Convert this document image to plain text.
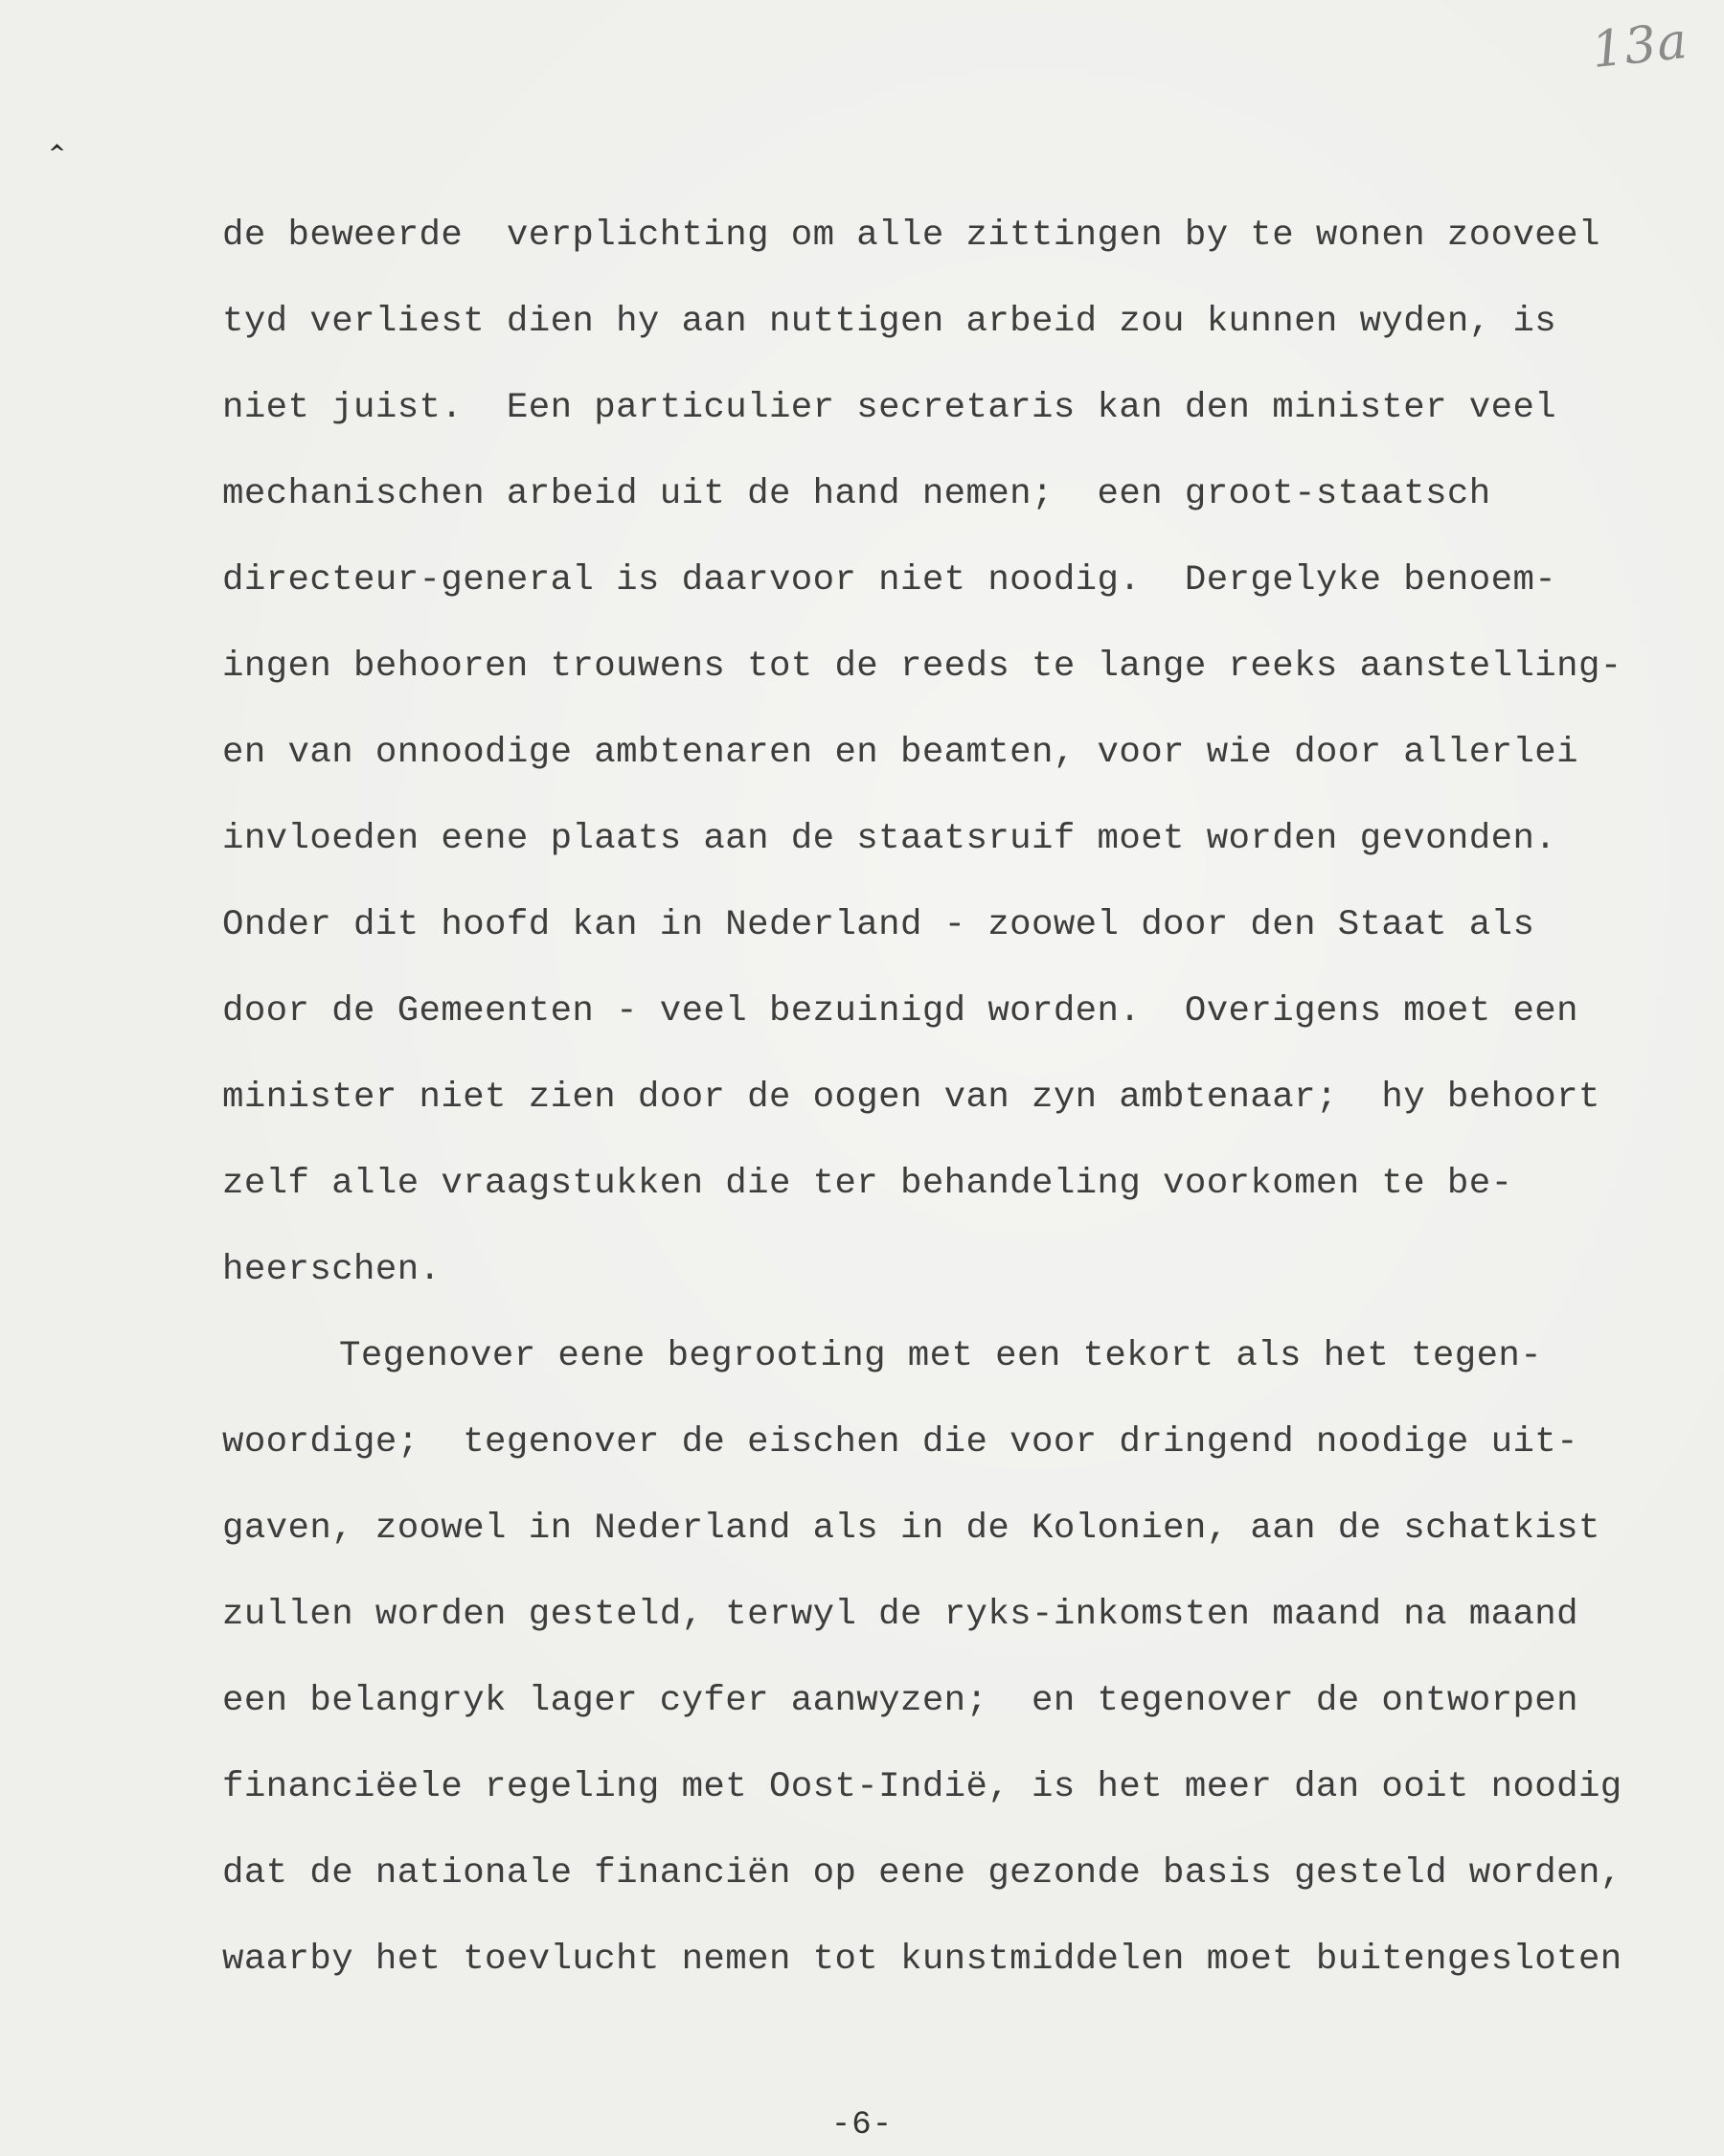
13a
‸
de beweerde  verplichting om alle zittingen by te wonen zooveel
tyd verliest dien hy aan nuttigen arbeid zou kunnen wyden, is
niet juist.  Een particulier secretaris kan den minister veel
mechanischen arbeid uit de hand nemen;  een groot-staatsch
directeur-general is daarvoor niet noodig.  Dergelyke benoem-
ingen behooren trouwens tot de reeds te lange reeks aanstelling-
en van onnoodige ambtenaren en beamten, voor wie door allerlei
invloeden eene plaats aan de staatsruif moet worden gevonden.
Onder dit hoofd kan in Nederland - zoowel door den Staat als
door de Gemeenten - veel bezuinigd worden.  Overigens moet een
minister niet zien door de oogen van zyn ambtenaar;  hy behoort
zelf alle vraagstukken die ter behandeling voorkomen te be-
heerschen.
Tegenover eene begrooting met een tekort als het tegen-
woordige;  tegenover de eischen die voor dringend noodige uit-
gaven, zoowel in Nederland als in de Kolonien, aan de schatkist
zullen worden gesteld, terwyl de ryks-inkomsten maand na maand
een belangryk lager cyfer aanwyzen;  en tegenover de ontworpen
financiëele regeling met Oost-Indië, is het meer dan ooit noodig
dat de nationale financiën op eene gezonde basis gesteld worden,
waarby het toevlucht nemen tot kunstmiddelen moet buitengesloten
-6-
